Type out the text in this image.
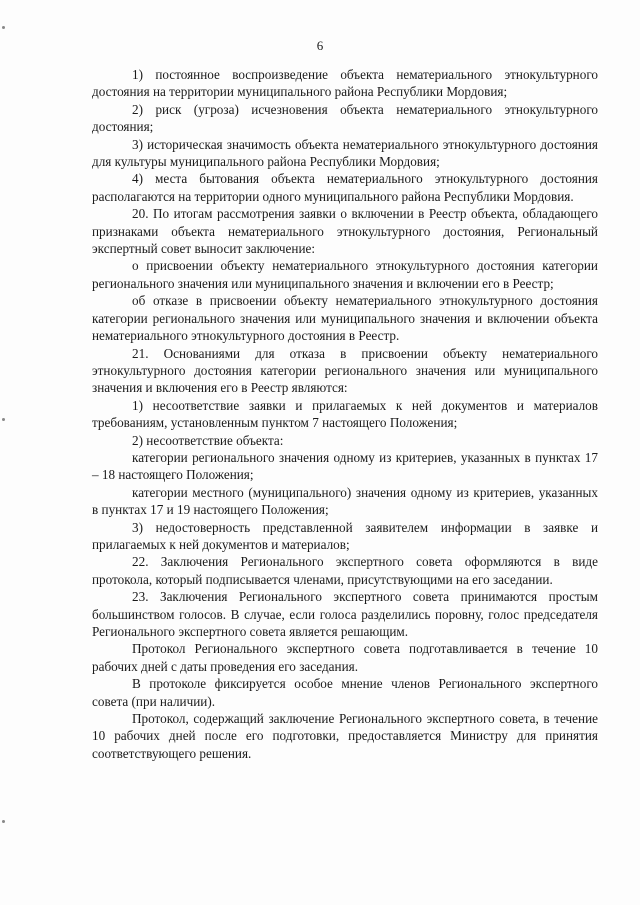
6

1) постоянное воспроизведение объекта нематериального этнокультурного достояния на территории муниципального района Республики Мордовия;

2) риск (угроза) исчезновения объекта нематериального этнокультурного достояния;

3) историческая значимость объекта нематериального этнокультурного достояния для культуры муниципального района Республики Мордовия;

4) места бытования объекта нематериального этнокультурного достояния располагаются на территории одного муниципального района Республики Мордовия.

20. По итогам рассмотрения заявки о включении в Реестр объекта, обладающего признаками объекта нематериального этнокультурного достояния, Региональный экспертный совет выносит заключение:

о присвоении объекту нематериального этнокультурного достояния категории регионального значения или муниципального значения и включении его в Реестр;

об отказе в присвоении объекту нематериального этнокультурного достояния категории регионального значения или муниципального значения и включении объекта нематериального этнокультурного достояния в Реестр.

21. Основаниями для отказа в присвоении объекту нематериального этнокультурного достояния категории регионального значения или муниципального значения и включения его в Реестр являются:

1) несоответствие заявки и прилагаемых к ней документов и материалов требованиям, установленным пунктом 7 настоящего Положения;

2) несоответствие объекта:

категории регионального значения одному из критериев, указанных в пунктах 17 – 18 настоящего Положения;

категории местного (муниципального) значения одному из критериев, указанных в пунктах 17 и 19 настоящего Положения;

3) недостоверность представленной заявителем информации в заявке и прилагаемых к ней документов и материалов;

22. Заключения Регионального экспертного совета оформляются в виде протокола, который подписывается членами, присутствующими на его заседании.

23. Заключения Регионального экспертного совета принимаются простым большинством голосов. В случае, если голоса разделились поровну, голос председателя Регионального экспертного совета является решающим.

Протокол Регионального экспертного совета подготавливается в течение 10 рабочих дней с даты проведения его заседания.

В протоколе фиксируется особое мнение членов Регионального экспертного совета (при наличии).

Протокол, содержащий заключение Регионального экспертного совета, в течение 10 рабочих дней после его подготовки, предоставляется Министру для принятия соответствующего решения.
